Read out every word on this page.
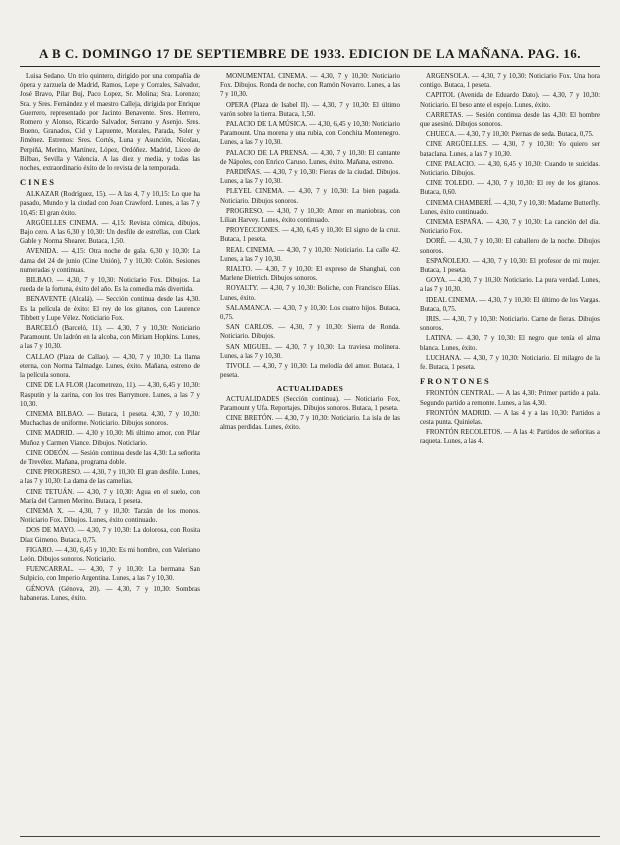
A B C. DOMINGO 17 DE SEPTIEMBRE DE 1933. EDICION DE LA MAÑANA. PAG. 16.

Luisa Sedano. Un trío quintero, dirigido por una compañía de ópera y zarzuela de Madrid, Ramos, Lepe y Corrales, Salvador, José Bravo, Pilar Buj, Paco Lopez, Sr. Molina; Sra. Lorenzo; Sra. y Sres. Fernández y el maestro Calleja, dirigida por Enrique Guerrero, representado por Jacinto Benavente. Sres. Herrero, Romero y Alonso, Ricardo Salvador, Serrano y Asenjo. Sres. Bueno, Granados, Cid y Lapuente, Morales, Parada, Soler y Jiménez. Estrenos: Sres. Cortés, Luna y Asunción, Nicolau, Perpiñá, Merino, Martínez, López, Ordóñez. Madrid, Liceo de Bilbao, Sevilla y Valencia. A las diez y media, y todas las noches, extraordinario éxito de lo revista de la temporada.

CINES

ALKAZAR (Rodríguez, 15). — A las 4, 7 y 10,15: Lo que ha pasado, Mundo y la ciudad con Joan Crawford. Lunes, a las 7 y 10,45: El gran éxito.

ARGÜELLES CINEMA. — 4,15: Revista cómica, dibujos, Bajo cero. A las 6,30 y 10,30: Un desfile de estrellas, con Clark Gable y Norma Shearer. Butaca, 1,50.

AVENIDA. — 4,15: Otra noche de gala. 6,30 y 10,30: La dama del 24 de junio (Cine Unión), 7 y 10,30: Colón. Sesiones numeradas y continuas.

BILBAO. — 4,30, 7 y 10,30: Noticiario Fox. Dibujos. La rueda de la fortuna, éxito del año. Es la comedia más divertida.

BENAVENTE (Alcalá). — Sección continua desde las 4,30. Es la película de éxito: El rey de los gitanos, con Laurence Tibbett y Lupe Vélez. Noticiario Fox.

BARCELÓ (Barceló, 11). — 4,30, 7 y 10,30: Noticiario Paramount. Un ladrón en la alcoba, con Miriam Hopkins. Lunes, a las 7 y 10,30.

CALLAO (Plaza de Callao). — 4,30, 7 y 10,30: La llama eterna, con Norma Talmadge. Lunes, éxito. Mañana, estreno de la película sonora.

CINE DE LA FLOR (Jacometrezo, 11). — 4,30, 6,45 y 10,30: Rasputín y la zarina, con los tres Barrymore. Lunes, a las 7 y 10,30.

CINEMA BILBAO. — Butaca, 1 peseta. 4,30, 7 y 10,30: Muchachas de uniforme. Noticiario. Dibujos sonoros.

CINE MADRID. — 4,30 y 10,30: Mi último amor, con Pilar Muñoz y Carmen Viance. Dibujos. Noticiario.

CINE ODEÓN. — Sesión continua desde las 4,30: La señorita de Trevélez. Mañana, programa doble.

CINE PROGRESO. — 4,30, 7 y 10,30: El gran desfile. Lunes, a las 7 y 10,30: La dama de las camelias.

CINE TETUÁN. — 4,30, 7 y 10,30: Agua en el suelo, con María del Carmen Merino. Butaca, 1 peseta.

CINEMA X. — 4,30, 7 y 10,30: Tarzán de los monos. Noticiario Fox. Dibujos. Lunes, éxito continuado.

DOS DE MAYO. — 4,30, 7 y 10,30: La dolorosa, con Rosita Díaz Gimeno. Butaca, 0,75.

FIGARO. — 4,30, 6,45 y 10,30: Es mi hombre, con Valeriano León. Dibujos sonoros. Noticiario.

FUENCARRAL. — 4,30, 7 y 10,30: La hermana San Sulpicio, con Imperio Argentina. Lunes, a las 7 y 10,30.

GÉNOVA (Génova, 20). — 4,30, 7 y 10,30: Sombras habaneras. Lunes, éxito.

MONUMENTAL CINEMA. — 4,30, 7 y 10,30: Noticiario Fox. Dibujos. Ronda de noche, con Ramón Novarro. Lunes, a las 7 y 10,30.

OPERA (Plaza de Isabel II). — 4,30, 7 y 10,30: El último varón sobre la tierra. Butaca, 1,50.

PALACIO DE LA MÚSICA. — 4,30, 6,45 y 10,30: Noticiario Paramount. Una morena y una rubia, con Conchita Montenegro. Lunes, a las 7 y 10,30.

PALACIO DE LA PRENSA. — 4,30, 7 y 10,30: El cantante de Nápoles, con Enrico Caruso. Lunes, éxito. Mañana, estreno.

PARDIÑAS. — 4,30, 7 y 10,30: Fieras de la ciudad. Dibujos. Lunes, a las 7 y 10,30.

PLEYEL CINEMA. — 4,30, 7 y 10,30: La bien pagada. Noticiario. Dibujos sonoros.

PROGRESO. — 4,30, 7 y 10,30: Amor en maniobras, con Lilian Harvey. Lunes, éxito continuado.

PROYECCIONES. — 4,30, 6,45 y 10,30: El signo de la cruz. Butaca, 1 peseta.

REAL CINEMA. — 4,30, 7 y 10,30: Noticiario. La calle 42. Lunes, a las 7 y 10,30.

RIALTO. — 4,30, 7 y 10,30: El expreso de Shanghai, con Marlene Dietrich. Dibujos sonoros.

ROYALTY. — 4,30, 7 y 10,30: Boliche, con Francisco Elías. Lunes, éxito.

SALAMANCA. — 4,30, 7 y 10,30: Los cuatro hijos. Butaca, 0,75.

SAN CARLOS. — 4,30, 7 y 10,30: Sierra de Ronda. Noticiario. Dibujos.

SAN MIGUEL. — 4,30, 7 y 10,30: La traviesa molinera. Lunes, a las 7 y 10,30.

TIVOLI. — 4,30, 7 y 10,30: La melodía del amor. Butaca, 1 peseta.

ACTUALIDADES

ACTUALIDADES (Sección continua). — Noticiario Fox, Paramount y Ufa. Reportajes. Dibujos sonoros. Butaca, 1 peseta.

CINE BRETÓN. — 4,30, 7 y 10,30: Noticiario. La isla de las almas perdidas. Lunes, éxito.

ARGENSOLA. — 4,30, 7 y 10,30: Noticiario Fox. Una hora contigo. Butaca, 1 peseta.

CAPITOL (Avenida de Eduardo Dato). — 4,30, 7 y 10,30: Noticiario. El beso ante el espejo. Lunes, éxito.

CARRETAS. — Sesión continua desde las 4,30: El hombre que asesinó. Dibujos sonoros.

CHUECA. — 4,30, 7 y 10,30: Piernas de seda. Butaca, 0,75.

CINE ARGÜELLES. — 4,30, 7 y 10,30: Yo quiero ser bataclana. Lunes, a las 7 y 10,30.

CINE PALACIO. — 4,30, 6,45 y 10,30: Cuando te suicidas. Noticiario. Dibujos.

CINE TOLEDO. — 4,30, 7 y 10,30: El rey de los gitanos. Butaca, 0,60.

CINEMA CHAMBERÍ. — 4,30, 7 y 10,30: Madame Butterfly. Lunes, éxito continuado.

CINEMA ESPAÑA. — 4,30, 7 y 10,30: La canción del día. Noticiario Fox.

DORÉ. — 4,30, 7 y 10,30: El caballero de la noche. Dibujos sonoros.

ESPAÑOLEJO. — 4,30, 7 y 10,30: El profesor de mi mujer. Butaca, 1 peseta.

GOYA. — 4,30, 7 y 10,30: Noticiario. La pura verdad. Lunes, a las 7 y 10,30.

IDEAL CINEMA. — 4,30, 7 y 10,30: El último de los Vargas. Butaca, 0,75.

IRIS. — 4,30, 7 y 10,30: Noticiario. Carne de fieras. Dibujos sonoros.

LATINA. — 4,30, 7 y 10,30: El negro que tenía el alma blanca. Lunes, éxito.

LUCHANA. — 4,30, 7 y 10,30: Noticiario. El milagro de la fe. Butaca, 1 peseta.

FRONTONES

FRONTÓN CENTRAL. — A las 4,30: Primer partido a pala. Segundo partido a remonte. Lunes, a las 4,30.

FRONTÓN MADRID. — A las 4 y a las 10,30: Partidos a cesta punta. Quinielas.

FRONTÓN RECOLETOS. — A las 4: Partidos de señoritas a raqueta. Lunes, a las 4.
